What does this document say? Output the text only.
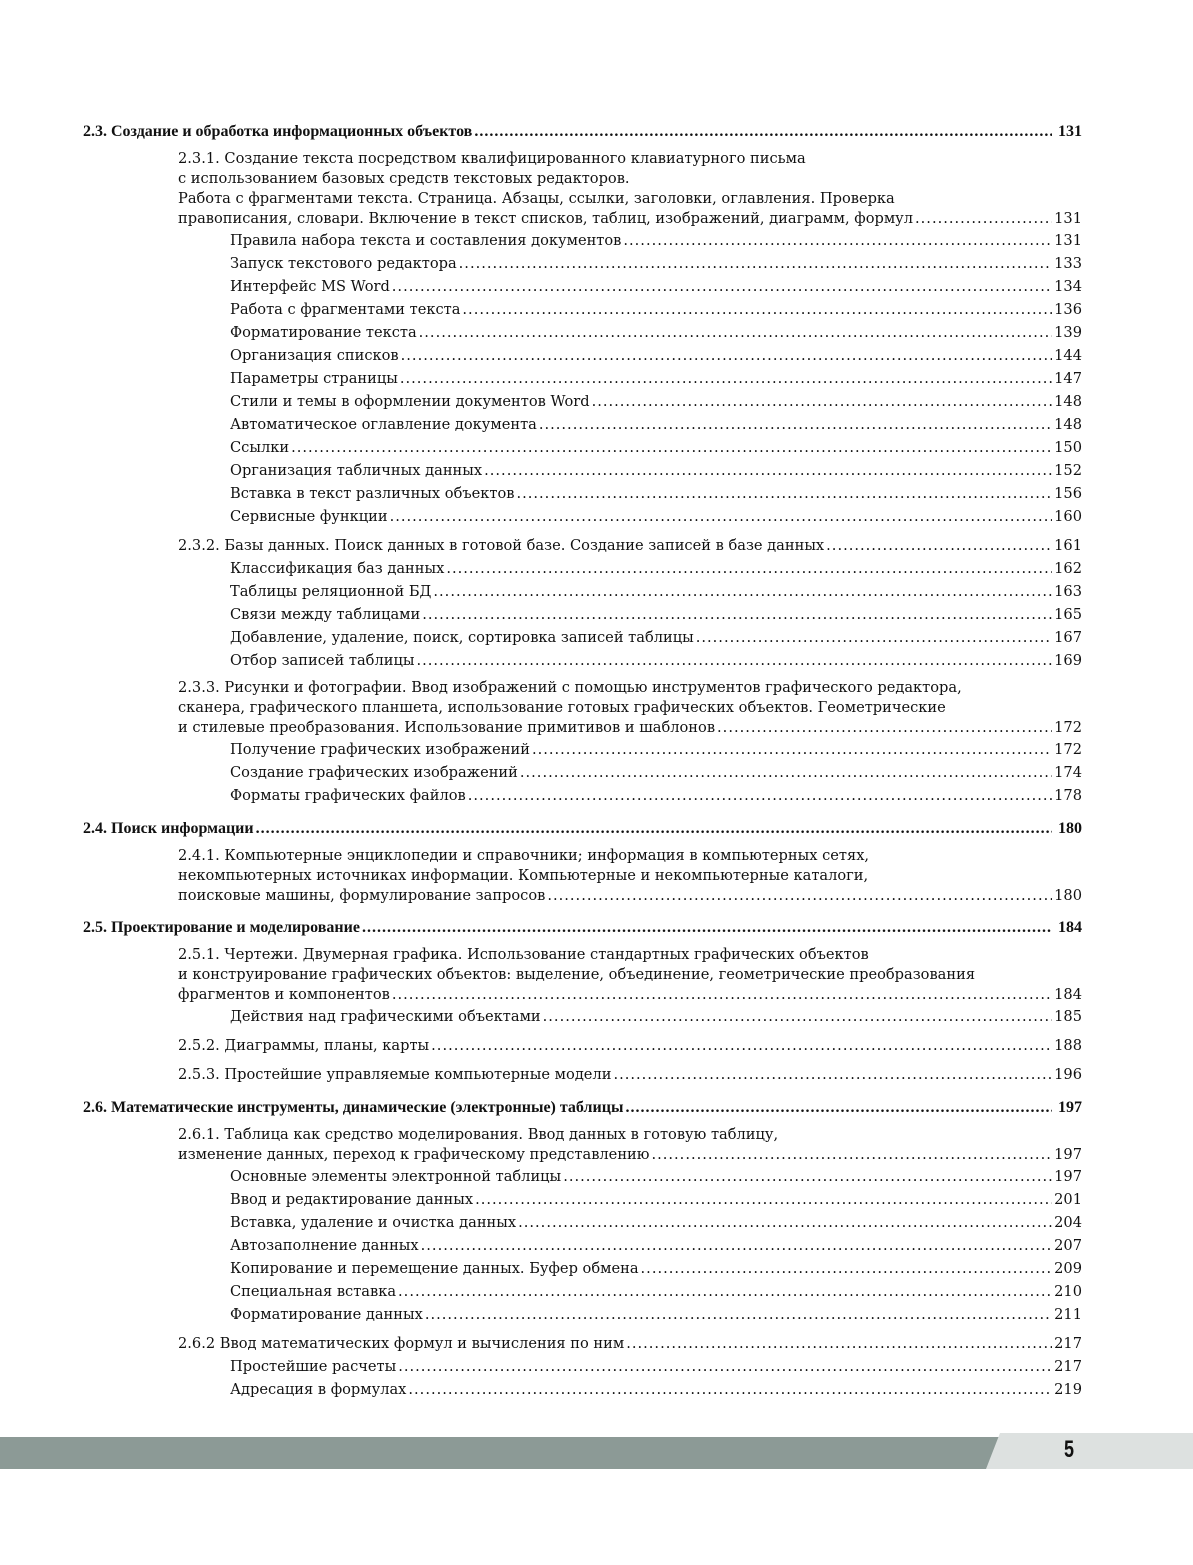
2.3. Создание и обработка информационных объектов .....	131
2.3.1. Создание текста посредством квалифицированного клавиатурного письма
с использованием базовых средств текстовых редакторов.
Работа с фрагментами текста. Страница. Абзацы, ссылки, заголовки, оглавления. Проверка
правописания, словари. Включение в текст списков, таблиц, изображений, диаграмм, формул .....	131
Правила набора текста и составления документов .....	131
Запуск текстового редактора .....	133
Интерфейс MS Word .....	134
Работа с фрагментами текста .....	136
Форматирование текста .....	139
Организация списков .....	144
Параметры страницы .....	147
Стили и темы в оформлении документов Word .....	148
Автоматическое оглавление документа .....	148
Ссылки .....	150
Организация табличных данных .....	152
Вставка в текст различных объектов .....	156
Сервисные функции .....	160
2.3.2. Базы данных. Поиск данных в готовой базе. Создание записей в базе данных .....	161
Классификация баз данных .....	162
Таблицы реляционной БД .....	163
Связи между таблицами .....	165
Добавление, удаление, поиск, сортировка записей таблицы .....	167
Отбор записей таблицы .....	169
2.3.3. Рисунки и фотографии. Ввод изображений с помощью инструментов графического редактора,
сканера, графического планшета, использование готовых графических объектов. Геометрические
и стилевые преобразования. Использование примитивов и шаблонов .....	172
Получение графических изображений .....	172
Создание графических изображений .....	174
Форматы графических файлов .....	178
2.4. Поиск информации .....	180
2.4.1. Компьютерные энциклопедии и справочники; информация в компьютерных сетях,
некомпьютерных источниках информации. Компьютерные и некомпьютерные каталоги,
поисковые машины, формулирование запросов .....	180
2.5. Проектирование и моделирование .....	184
2.5.1. Чертежи. Двумерная графика. Использование стандартных графических объектов
и конструирование графических объектов: выделение, объединение, геометрические преобразования
фрагментов и компонентов .....	184
Действия над графическими объектами .....	185
2.5.2. Диаграммы, планы, карты .....	188
2.5.3. Простейшие управляемые компьютерные модели .....	196
2.6. Математические инструменты, динамические (электронные) таблицы .....	197
2.6.1. Таблица как средство моделирования. Ввод данных в готовую таблицу,
изменение данных, переход к графическому представлению .....	197
Основные элементы электронной таблицы .....	197
Ввод и редактирование данных .....	201
Вставка, удаление и очистка данных .....	204
Автозаполнение данных .....	207
Копирование и перемещение данных. Буфер обмена .....	209
Специальная вставка .....	210
Форматирование данных .....	211
2.6.2 Ввод математических формул и вычисления по ним .....	217
Простейшие расчеты .....	217
Адресация в формулах .....	219
5
